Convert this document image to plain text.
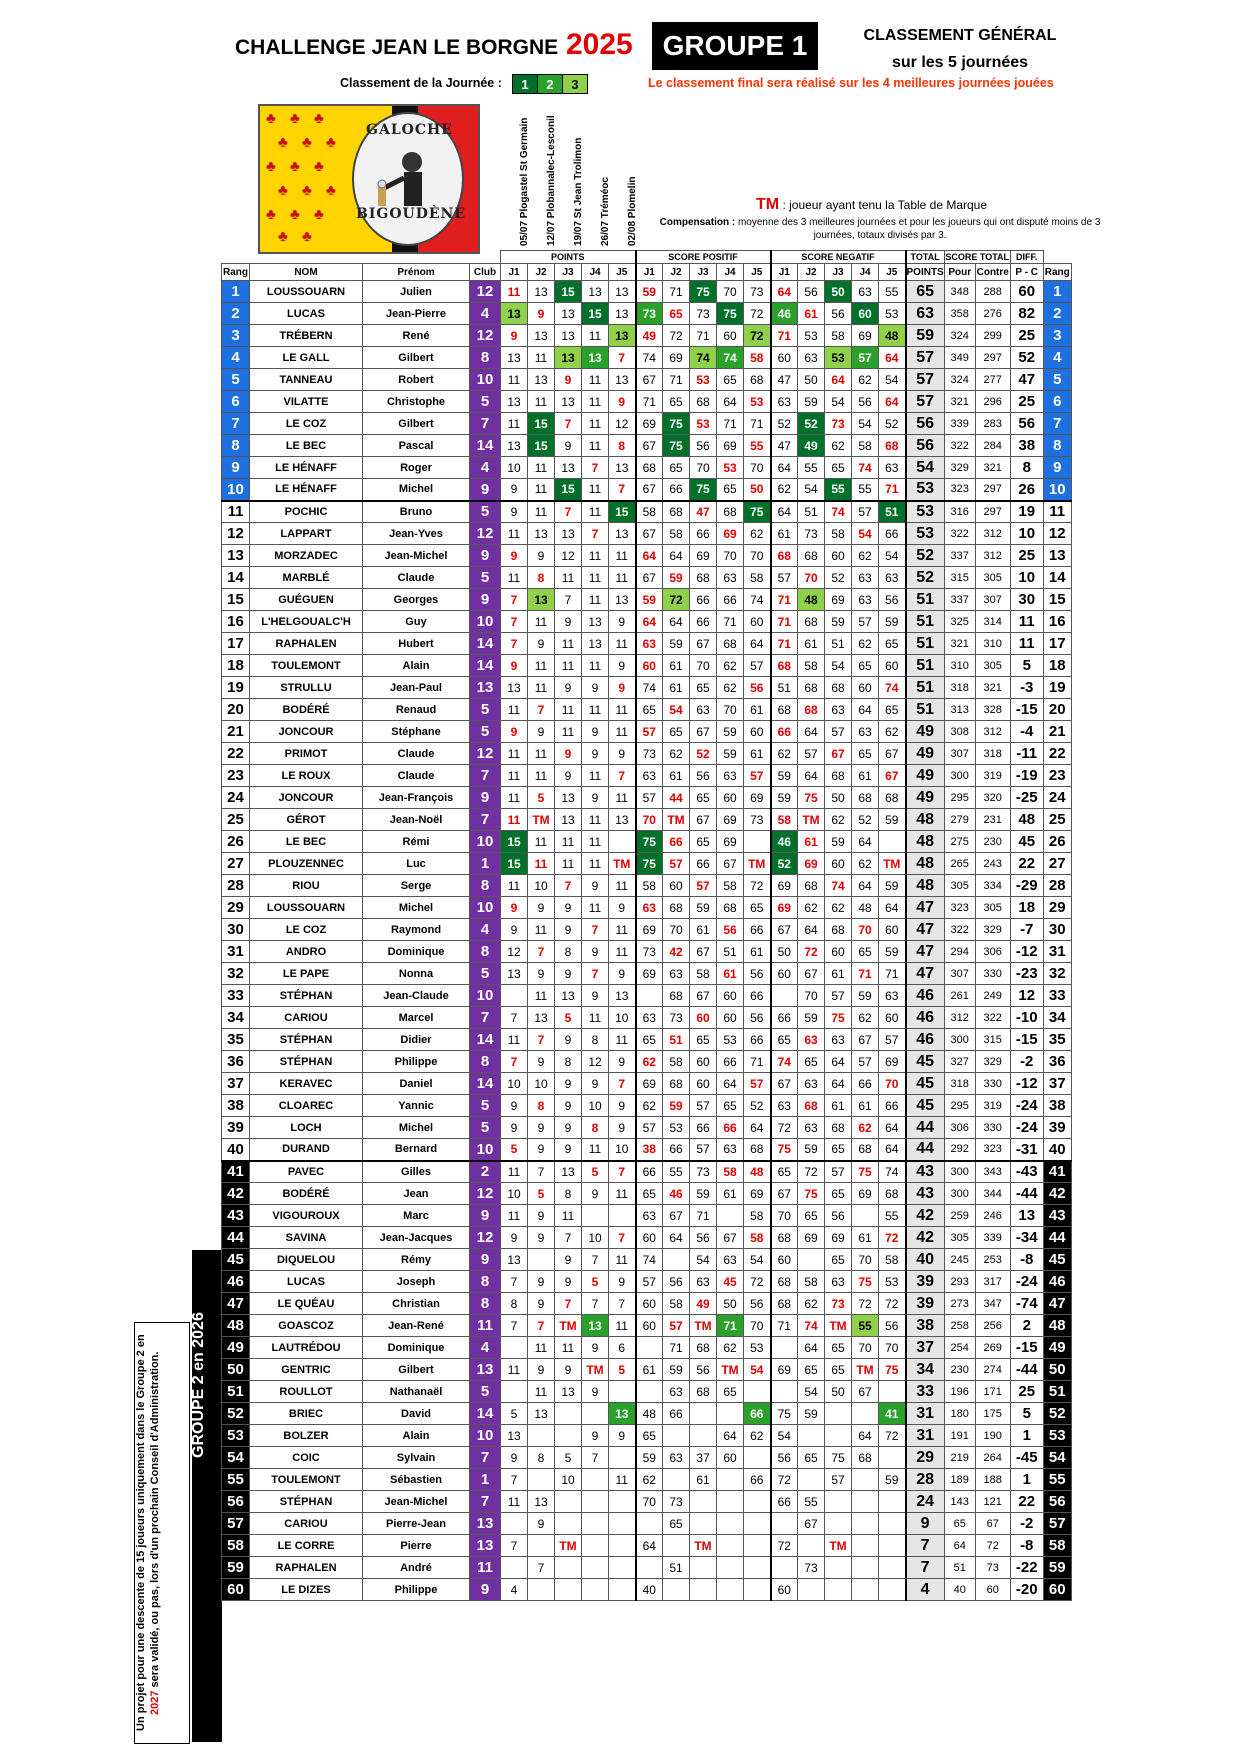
CHALLENGE JEAN LE BORGNE 2025	GROUPE 1	CLASSEMENT GÉNÉRAL
sur les 5 journées
Classement de la Journée :	1	2	3	Le classement final sera réalisé sur les 4 meilleures journées jouées
♣ ♣ ♣
♣ ♣ ♣
♣ ♣ ♣
♣ ♣ ♣
♣ ♣ ♣
♣ ♣
GALOCHE
BIGOUDÈNE	05/07 Plogastel St Germain	12/07 Plobannalec-Lesconil	19/07 St Jean Trolimon	26/07 Tréméoc	02/08 Plomelin	TM : joueur ayant tenu la Table de Marque
Compensation : moyenne des 3 meilleures journées et pour les joueurs qui ont disputé moins de 3 journées, totaux divisés par 3.
GROUPE 2 en 2026
Un projet pour une descente de 15 joueurs uniquement dans le Groupe 2 en 2027 sera validé, ou pas, lors d'un prochain Conseil d'Administration.
				POINTS					SCORE POSITIF					SCORE NEGATIF					TOTAL	SCORE TOTAL		DIFF.	
Rang	NOM	Prénom	Club	J1	J2	J3	J4	J5	J1	J2	J3	J4	J5	J1	J2	J3	J4	J5	POINTS	Pour	Contre	P - C	Rang
1	LOUSSOUARN	Julien	12	11	13	15	13	13	59	71	75	70	73	64	56	50	63	55	65	348	288	60	1
2	LUCAS	Jean-Pierre	4	13	9	13	15	13	73	65	73	75	72	46	61	56	60	53	63	358	276	82	2
3	TRÉBERN	René	12	9	13	13	11	13	49	72	71	60	72	71	53	58	69	48	59	324	299	25	3
4	LE GALL	Gilbert	8	13	11	13	13	7	74	69	74	74	58	60	63	53	57	64	57	349	297	52	4
5	TANNEAU	Robert	10	11	13	9	11	13	67	71	53	65	68	47	50	64	62	54	57	324	277	47	5
6	VILATTE	Christophe	5	13	11	13	11	9	71	65	68	64	53	63	59	54	56	64	57	321	296	25	6
7	LE COZ	Gilbert	7	11	15	7	11	12	69	75	53	71	71	52	52	73	54	52	56	339	283	56	7
8	LE BEC	Pascal	14	13	15	9	11	8	67	75	56	69	55	47	49	62	58	68	56	322	284	38	8
9	LE HÉNAFF	Roger	4	10	11	13	7	13	68	65	70	53	70	64	55	65	74	63	54	329	321	8	9
10	LE HÉNAFF	Michel	9	9	11	15	11	7	67	66	75	65	50	62	54	55	55	71	53	323	297	26	10
11	POCHIC	Bruno	5	9	11	7	11	15	58	68	47	68	75	64	51	74	57	51	53	316	297	19	11
12	LAPPART	Jean-Yves	12	11	13	13	7	13	67	58	66	69	62	61	73	58	54	66	53	322	312	10	12
13	MORZADEC	Jean-Michel	9	9	9	12	11	11	64	64	69	70	70	68	68	60	62	54	52	337	312	25	13
14	MARBLÉ	Claude	5	11	8	11	11	11	67	59	68	63	58	57	70	52	63	63	52	315	305	10	14
15	GUÉGUEN	Georges	9	7	13	7	11	13	59	72	66	66	74	71	48	69	63	56	51	337	307	30	15
16	L'HELGOUALC'H	Guy	10	7	11	9	13	9	64	64	66	71	60	71	68	59	57	59	51	325	314	11	16
17	RAPHALEN	Hubert	14	7	9	11	13	11	63	59	67	68	64	71	61	51	62	65	51	321	310	11	17
18	TOULEMONT	Alain	14	9	11	11	11	9	60	61	70	62	57	68	58	54	65	60	51	310	305	5	18
19	STRULLU	Jean-Paul	13	13	11	9	9	9	74	61	65	62	56	51	68	68	60	74	51	318	321	-3	19
20	BODÉRÉ	Renaud	5	11	7	11	11	11	65	54	63	70	61	68	68	63	64	65	51	313	328	-15	20
21	JONCOUR	Stéphane	5	9	9	11	9	11	57	65	67	59	60	66	64	57	63	62	49	308	312	-4	21
22	PRIMOT	Claude	12	11	11	9	9	9	73	62	52	59	61	62	57	67	65	67	49	307	318	-11	22
23	LE ROUX	Claude	7	11	11	9	11	7	63	61	56	63	57	59	64	68	61	67	49	300	319	-19	23
24	JONCOUR	Jean-François	9	11	5	13	9	11	57	44	65	60	69	59	75	50	68	68	49	295	320	-25	24
25	GÉROT	Jean-Noël	7	11	TM	13	11	13	70	TM	67	69	73	58	TM	62	52	59	48	279	231	48	25
26	LE BEC	Rémi	10	15	11	11	11		75	66	65	69		46	61	59	64		48	275	230	45	26
27	PLOUZENNEC	Luc	1	15	11	11	11	TM	75	57	66	67	TM	52	69	60	62	TM	48	265	243	22	27
28	RIOU	Serge	8	11	10	7	9	11	58	60	57	58	72	69	68	74	64	59	48	305	334	-29	28
29	LOUSSOUARN	Michel	10	9	9	9	11	9	63	68	59	68	65	69	62	62	48	64	47	323	305	18	29
30	LE COZ	Raymond	4	9	11	9	7	11	69	70	61	56	66	67	64	68	70	60	47	322	329	-7	30
31	ANDRO	Dominique	8	12	7	8	9	11	73	42	67	51	61	50	72	60	65	59	47	294	306	-12	31
32	LE PAPE	Nonna	5	13	9	9	7	9	69	63	58	61	56	60	67	61	71	71	47	307	330	-23	32
33	STÉPHAN	Jean-Claude	10		11	13	9	13		68	67	60	66		70	57	59	63	46	261	249	12	33
34	CARIOU	Marcel	7	7	13	5	11	10	63	73	60	60	56	66	59	75	62	60	46	312	322	-10	34
35	STÉPHAN	Didier	14	11	7	9	8	11	65	51	65	53	66	65	63	63	67	57	46	300	315	-15	35
36	STÉPHAN	Philippe	8	7	9	8	12	9	62	58	60	66	71	74	65	64	57	69	45	327	329	-2	36
37	KERAVEC	Daniel	14	10	10	9	9	7	69	68	60	64	57	67	63	64	66	70	45	318	330	-12	37
38	CLOAREC	Yannic	5	9	8	9	10	9	62	59	57	65	52	63	68	61	61	66	45	295	319	-24	38
39	LOCH	Michel	5	9	9	9	8	9	57	53	66	66	64	72	63	68	62	64	44	306	330	-24	39
40	DURAND	Bernard	10	5	9	9	11	10	38	66	57	63	68	75	59	65	68	64	44	292	323	-31	40
41	PAVEC	Gilles	2	11	7	13	5	7	66	55	73	58	48	65	72	57	75	74	43	300	343	-43	41
42	BODÉRÉ	Jean	12	10	5	8	9	11	65	46	59	61	69	67	75	65	69	68	43	300	344	-44	42
43	VIGOUROUX	Marc	9	11	9	11			63	67	71		58	70	65	56		55	42	259	246	13	43
44	SAVINA	Jean-Jacques	12	9	9	7	10	7	60	64	56	67	58	68	69	69	61	72	42	305	339	-34	44
45	DIQUELOU	Rémy	9	13		9	7	11	74		54	63	54	60		65	70	58	40	245	253	-8	45
46	LUCAS	Joseph	8	7	9	9	5	9	57	56	63	45	72	68	58	63	75	53	39	293	317	-24	46
47	LE QUÉAU	Christian	8	8	9	7	7	7	60	58	49	50	56	68	62	73	72	72	39	273	347	-74	47
48	GOASCOZ	Jean-René	11	7	7	TM	13	11	60	57	TM	71	70	71	74	TM	55	56	38	258	256	2	48
49	LAUTRÉDOU	Dominique	4		11	11	9	6		71	68	62	53		64	65	70	70	37	254	269	-15	49
50	GENTRIC	Gilbert	13	11	9	9	TM	5	61	59	56	TM	54	69	65	65	TM	75	34	230	274	-44	50
51	ROULLOT	Nathanaël	5		11	13	9			63	68	65			54	50	67		33	196	171	25	51
52	BRIEC	David	14	5	13			13	48	66			66	75	59			41	31	180	175	5	52
53	BOLZER	Alain	10	13			9	9	65			64	62	54			64	72	31	191	190	1	53
54	COIC	Sylvain	7	9	8	5	7		59	63	37	60		56	65	75	68		29	219	264	-45	54
55	TOULEMONT	Sébastien	1	7		10		11	62		61		66	72		57		59	28	189	188	1	55
56	STÉPHAN	Jean-Michel	7	11	13				70	73				66	55				24	143	121	22	56
57	CARIOU	Pierre-Jean	13		9					65					67				9	65	67	-2	57
58	LE CORRE	Pierre	13	7		TM			64		TM			72		TM			7	64	72	-8	58
59	RAPHALEN	André	11		7					51					73				7	51	73	-22	59
60	LE DIZES	Philippe	9	4					40					60					4	40	60	-20	60
